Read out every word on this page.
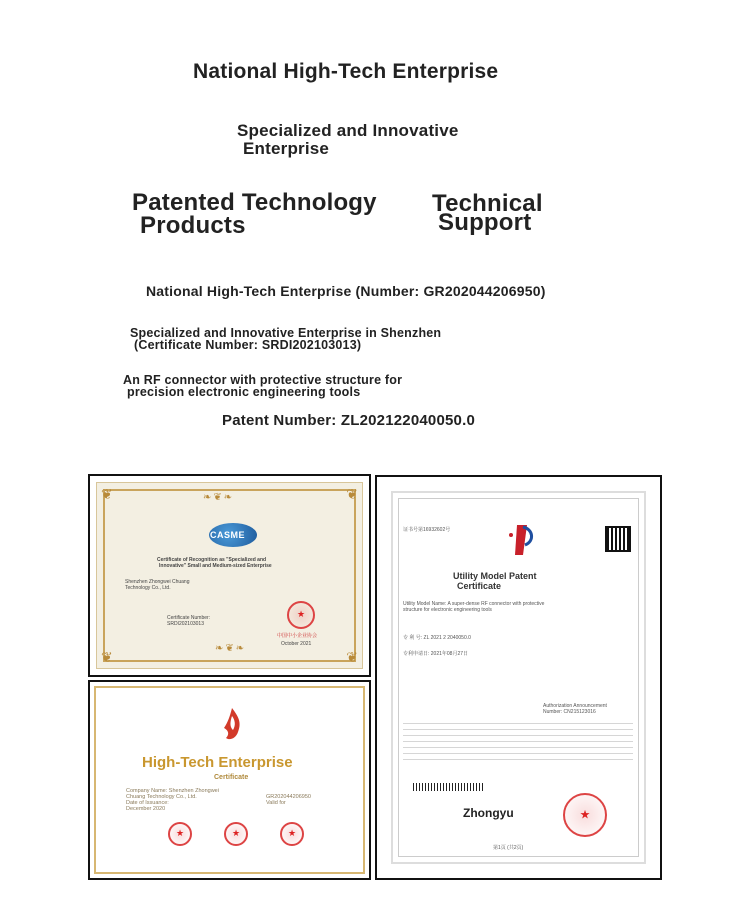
National High-Tech Enterprise
Specialized and Innovative
Enterprise
Patented Technology
Products
Technical
Support
National High-Tech Enterprise (Number: GR202044206950)
Specialized and Innovative Enterprise in Shenzhen
(Certificate Number: SRDI202103013)
An RF connector with protective structure for
precision electronic engineering tools
Patent Number: ZL202122040050.0
❦	❦
❦	❦
❧❦❧
CASME
Certificate of Recognition as "Specialized and
Innovative" Small and Medium-sized Enterprise
Shenzhen Zhongwei Chuang
Technology Co., Ltd.
Certificate Number:
SRDI202103013
★
中国中小企业协会
October 2021
❧❦❧
High-Tech Enterprise
Certificate
Company Name: Shenzhen Zhongwei
Chuang Technology Co., Ltd.
Date of Issuance:
December 2020
GR202044206950
Valid for
★	★	★
证书号第16932602号
Utility Model Patent
Certificate
Utility Model Name: A super-dense RF connector with protective
structure for electronic engineering tools
专 利 号: ZL 2021 2 2040050.0
专利申请日: 2021年08月27日
Authorization Announcement
Number: CN215123016
Zhongyu	★
第1页 (共2页)
